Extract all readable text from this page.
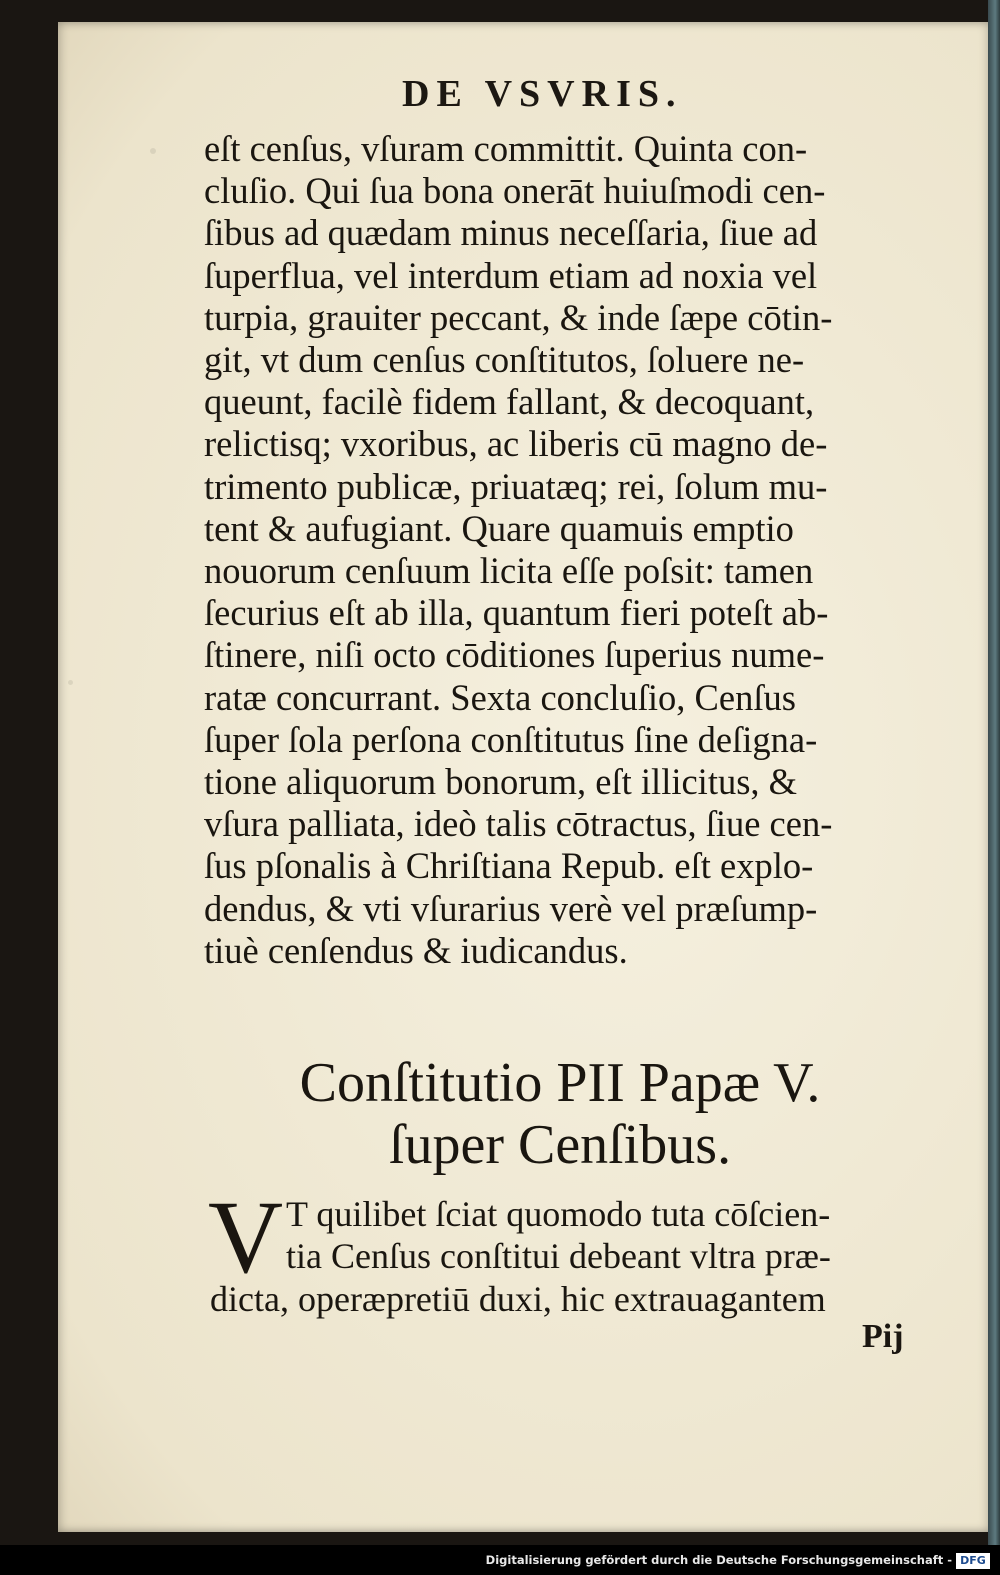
DE VSVRIS.
eſt cenſus, vſuram committit. Quinta con-
cluſio. Qui ſua bona onerāt huiuſmodi cen-
ſibus ad quædam minus neceſſaria, ſiue ad
ſuperflua, vel interdum etiam ad noxia vel
turpia, grauiter peccant, & inde ſæpe cōtin-
git, vt dum cenſus conſtitutos, ſoluere ne-
queunt, facilè fidem fallant, & decoquant,
relictisq; vxoribus, ac liberis cū magno de-
trimento publicæ, priuatæq; rei, ſolum mu-
tent & aufugiant. Quare quamuis emptio
nouorum cenſuum licita eſſe poſsit: tamen
ſecurius eſt ab illa, quantum fieri poteſt ab-
ſtinere, niſi octo cōditiones ſuperius nume-
ratæ concurrant. Sexta concluſio, Cenſus
ſuper ſola perſona conſtitutus ſine deſigna-
tione aliquorum bonorum, eſt illicitus, &
vſura palliata, ideò talis cōtractus, ſiue cen-
ſus pſonalis à Chriſtiana Repub. eſt explo-
dendus, & vti vſurarius verè vel præſump-
tiuè cenſendus & iudicandus.
Conſtitutio PII Papæ V.
ſuper Cenſibus.
V T quilibet ſciat quomodo tuta cōſcien-
tia Cenſus conſtitui debeant vltra præ-
dicta, operæpretiū duxi, hic extrauagantem
Pij
Digitalisierung gefördert durch die Deutsche Forschungsgemeinschaft - DFG
